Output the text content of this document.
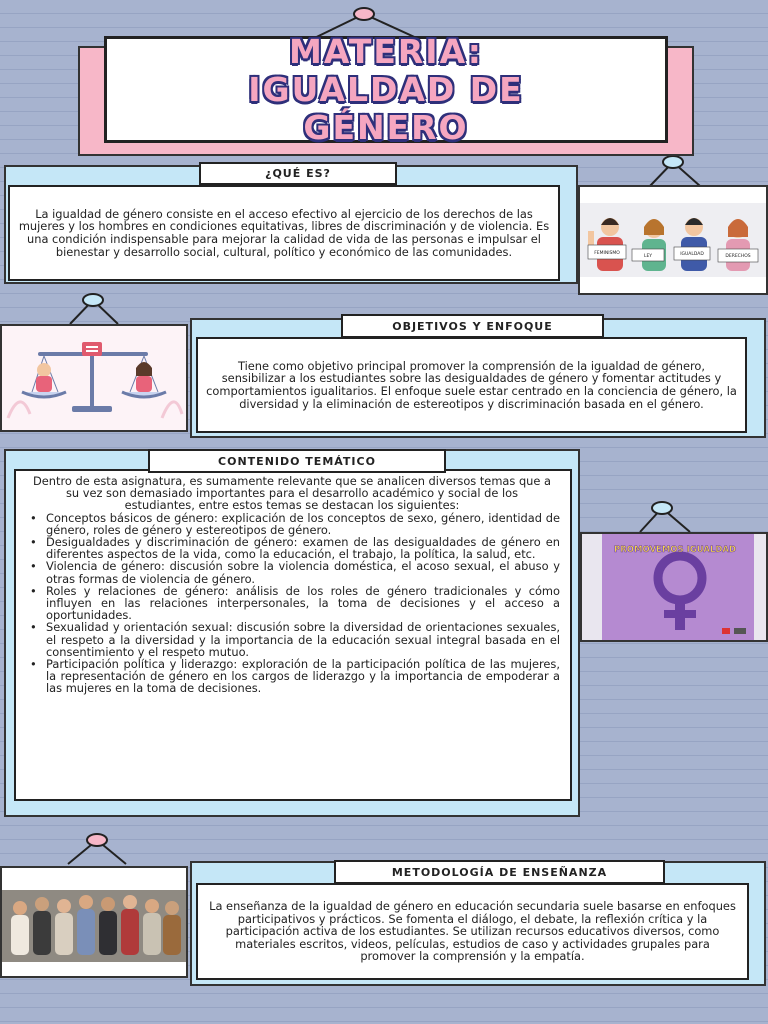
MATERIA: IGUALDAD DE GÉNERO
La igualdad de género consiste en el acceso efectivo al ejercicio de los derechos de las mujeres y los hombres en condiciones equitativas, libres de discriminación y de violencia. Es una condición indispensable para mejorar la calidad de vida de las personas e impulsar el bienestar y desarrollo social, cultural, político y económico de las comunidades.
¿QUÉ ES?
FEMINISMO
LEY	IGUALDAD	DERECHOS
Tiene como objetivo principal promover la comprensión de la igualdad de género, sensibilizar a los estudiantes sobre las desigualdades de género y fomentar actitudes y comportamientos igualitarios. El enfoque suele estar centrado en la conciencia de género, la diversidad y la eliminación de estereotipos y discriminación basada en el género.
OBJETIVOS Y ENFOQUE
Dentro de esta asignatura, es sumamente relevante que se analicen diversos temas que a su vez son demasiado importantes para el desarrollo académico y social de los estudiantes, entre estos temas se destacan los siguientes:
• Conceptos básicos de género: explicación de los conceptos de sexo, género, identidad de género, roles de género y estereotipos de género.
• Desigualdades y discriminación de género: examen de las desigualdades de género en diferentes aspectos de la vida, como la educación, el trabajo, la política, la salud, etc.
• Violencia de género: discusión sobre la violencia doméstica, el acoso sexual, el abuso y otras formas de violencia de género.
• Roles y relaciones de género: análisis de los roles de género tradicionales y cómo influyen en las relaciones interpersonales, la toma de decisiones y el acceso a oportunidades.
• Sexualidad y orientación sexual: discusión sobre la diversidad de orientaciones sexuales, el respeto a la diversidad y la importancia de la educación sexual integral basada en el consentimiento y el respeto mutuo.
• Participación política y liderazgo: exploración de la participación política de las mujeres, la representación de género en los cargos de liderazgo y la importancia de empoderar a las mujeres en la toma de decisiones.
CONTENIDO TEMÁTICO
PROMOVEMOS IGUALDAD
La enseñanza de la igualdad de género en educación secundaria suele basarse en enfoques participativos y prácticos. Se fomenta el diálogo, el debate, la reflexión crítica y la participación activa de los estudiantes. Se utilizan recursos educativos diversos, como materiales escritos, videos, películas, estudios de caso y actividades grupales para promover la comprensión y la empatía.
METODOLOGÍA DE ENSEÑANZA
